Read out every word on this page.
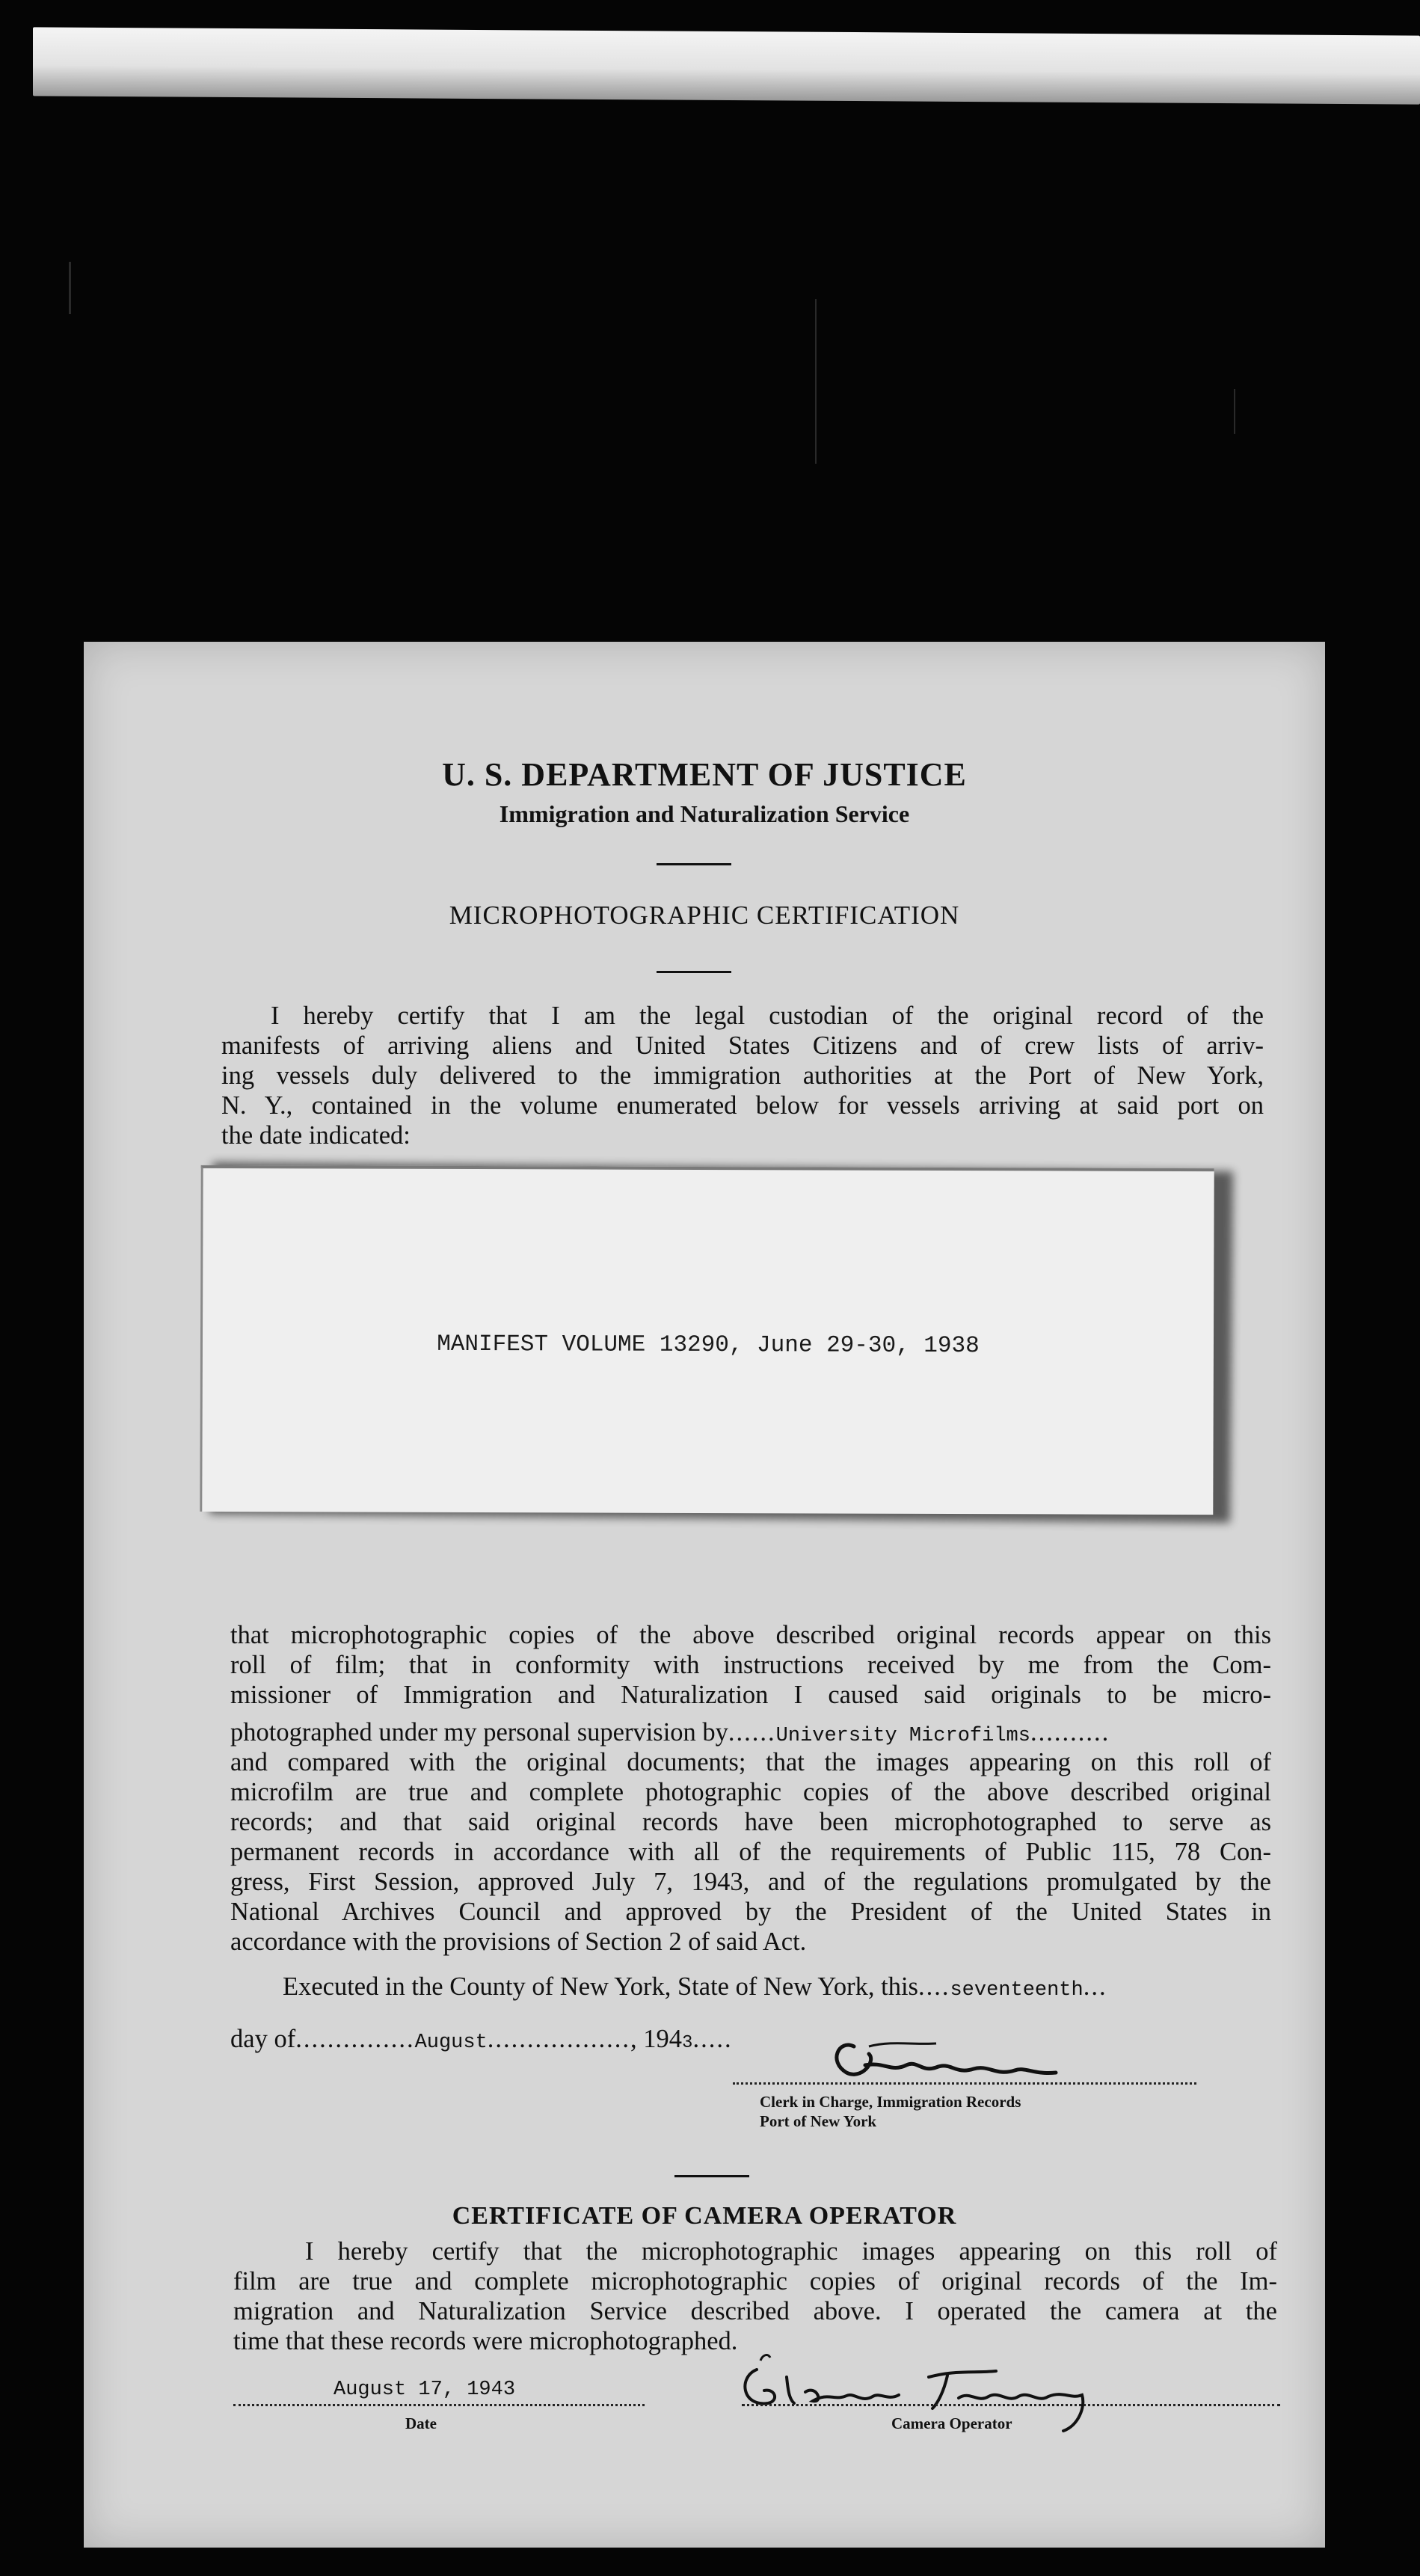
U. S. DEPARTMENT OF JUSTICE
Immigration and Naturalization Service
MICROPHOTOGRAPHIC CERTIFICATION
I hereby certify that I am the legal custodian of the original record of the
manifests of arriving aliens and United States Citizens and of crew lists of arriv-
ing vessels duly delivered to the immigration authorities at the Port of New York,
N. Y., contained in the volume enumerated below for vessels arriving at said port on
the date indicated:
MANIFEST VOLUME 13290, June 29-30, 1938
that microphotographic copies of the above described original records appear on this
roll of film; that in conformity with instructions received by me from the Com-
missioner of Immigration and Naturalization I caused said originals to be micro-
photographed under my personal supervision by ...... University Microfilms ..........
and compared with the original documents; that the images appearing on this roll of
microfilm are true and complete photographic copies of the above described original
records; and that said original records have been microphotographed to serve as
permanent records in accordance with all of the requirements of Public 115, 78 Con-
gress, First Session, approved July 7, 1943, and of the regulations promulgated by the
National Archives Council and approved by the President of the United States in
accordance with the provisions of Section 2 of said Act.
Executed in the County of New York, State of New York, this .... seventeenth ...
day of ............... August .................. , 194 3 .....
Clerk in Charge, Immigration Records
Port of New York
CERTIFICATE OF CAMERA OPERATOR
I hereby certify that the microphotographic images appearing on this roll of
film are true and complete microphotographic copies of original records of the Im-
migration and Naturalization Service described above. I operated the camera at the
time that these records were microphotographed.
August 17, 1943
Date	Camera Operator
